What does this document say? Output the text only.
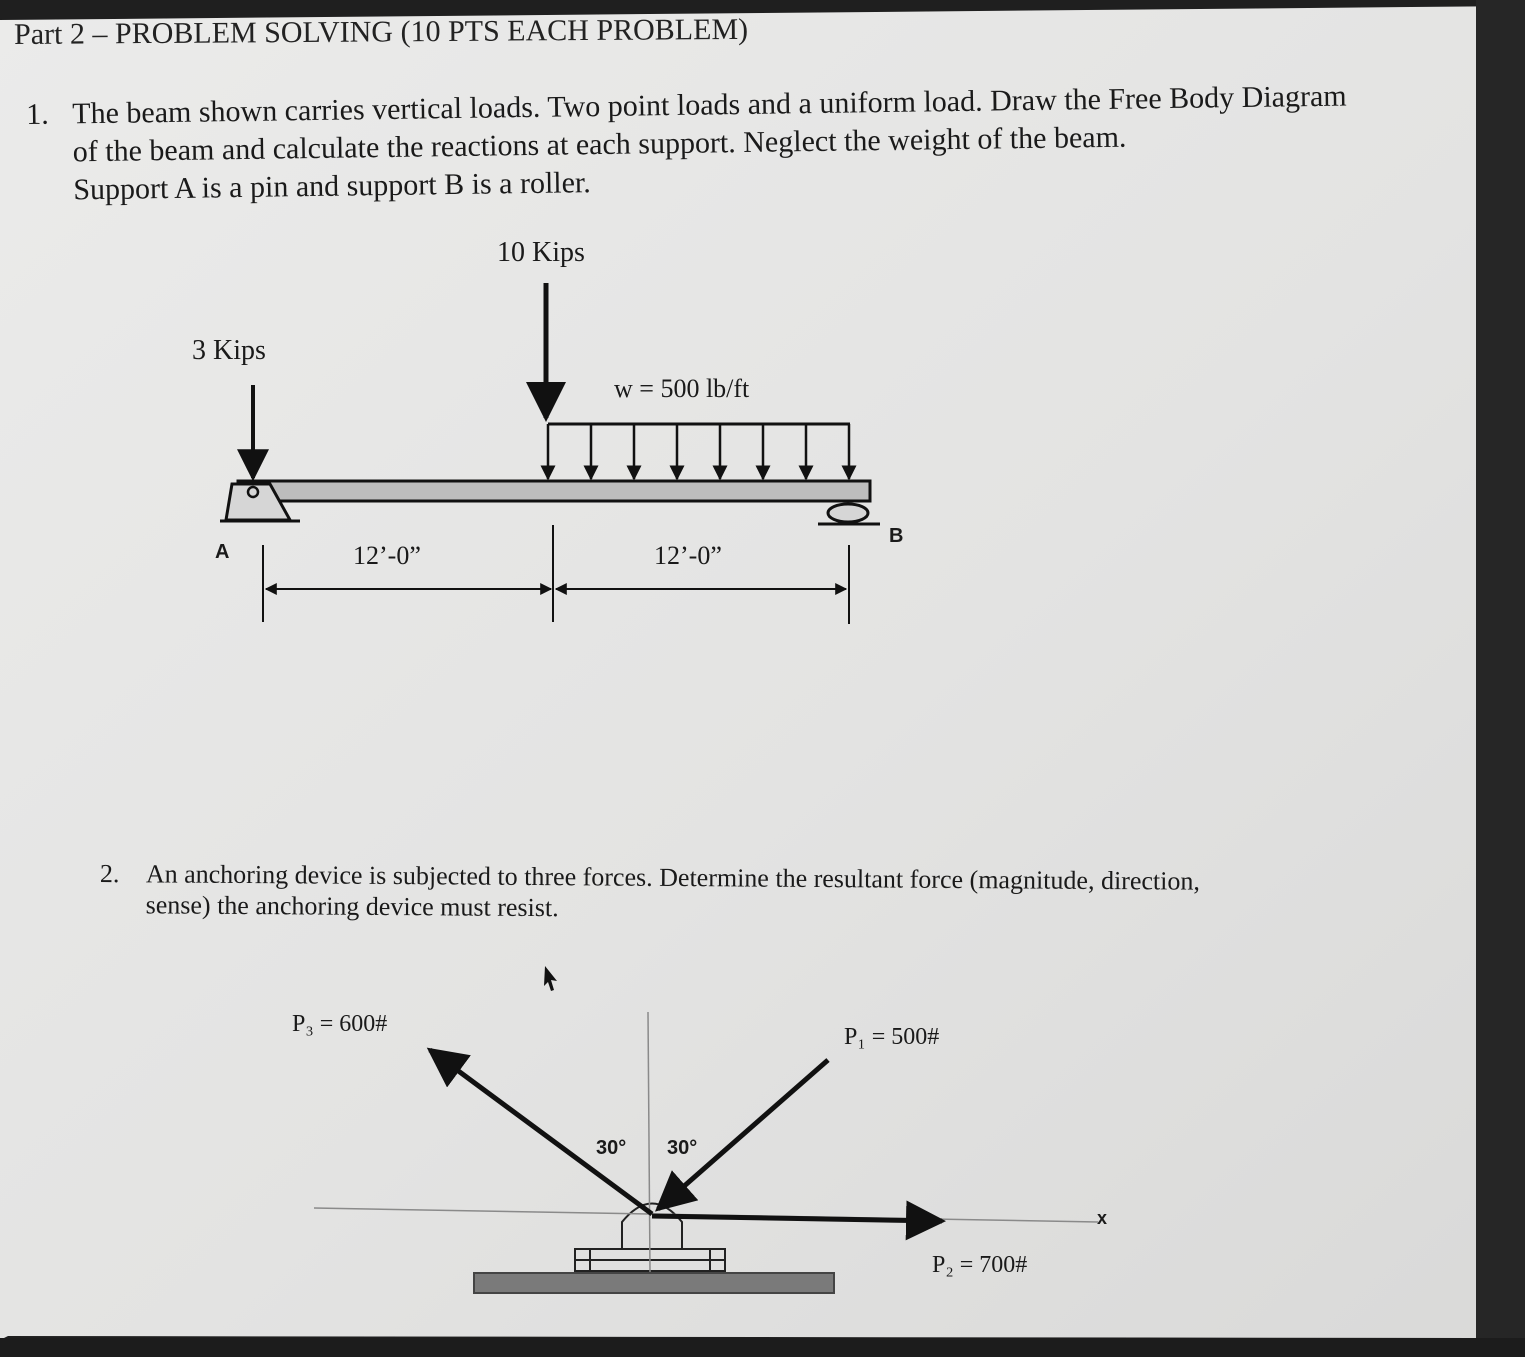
10 Kips
3 Kips
w = 500 lb/ft
A
B
12’-0”	12’-0”
P₃ = 600#	P₁ = 500#
P₂ = 700#
30° 30°
x
Part 2 – PROBLEM SOLVING (10 PTS EACH PROBLEM)
1. The beam shown carries vertical loads. Two point loads and a uniform load. Draw the Free Body Diagram
of the beam and calculate the reactions at each support. Neglect the weight of the beam.
Support A is a pin and support B is a roller.
2. An anchoring device is subjected to three forces. Determine the resultant force (magnitude, direction,
sense) the anchoring device must resist.
